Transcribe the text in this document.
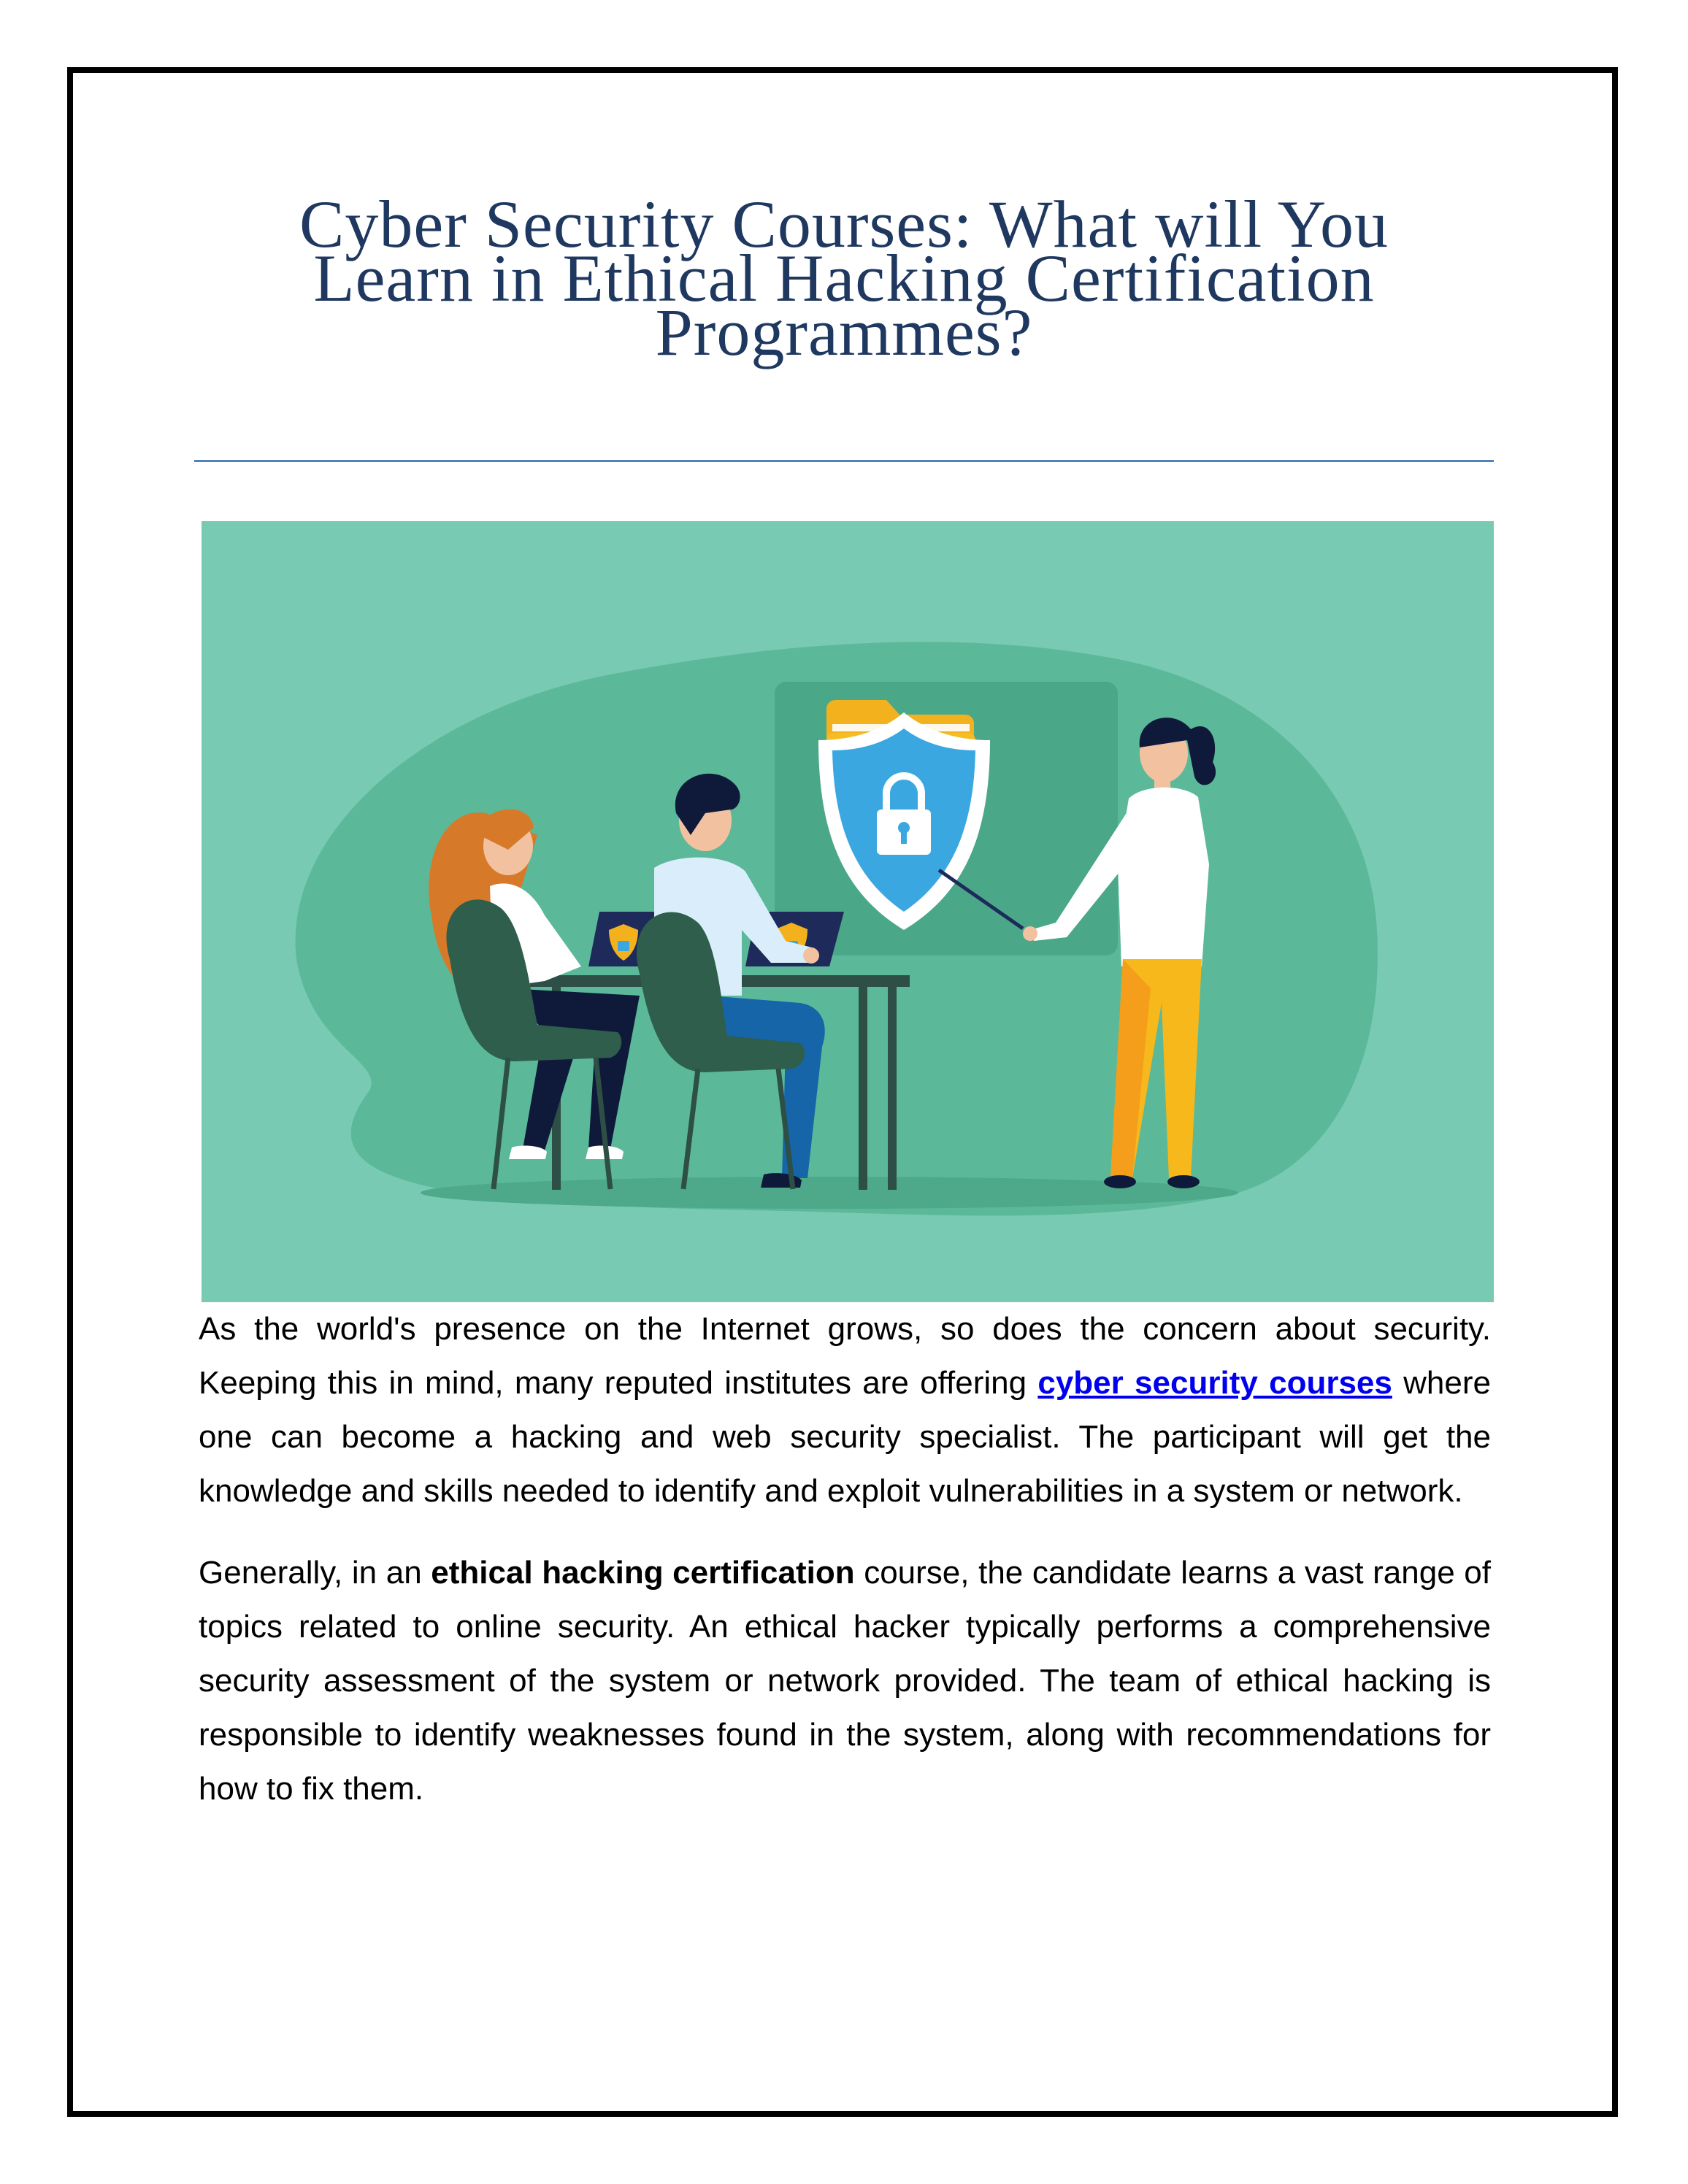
Cyber Security Courses: What will You
Learn in Ethical Hacking Certification
Programmes?

As the world's presence on the Internet grows, so does the concern about security. Keeping this in mind, many reputed institutes are offering cyber security courses where one can become a hacking and web security specialist. The participant will get the knowledge and skills needed to identify and exploit vulnerabilities in a system or network.

Generally, in an ethical hacking certification course, the candidate learns a vast range of topics related to online security. An ethical hacker typically performs a comprehensive security assessment of the system or network provided. The team of ethical hacking is responsible to identify weaknesses found in the system, along with recommendations for how to fix them.
